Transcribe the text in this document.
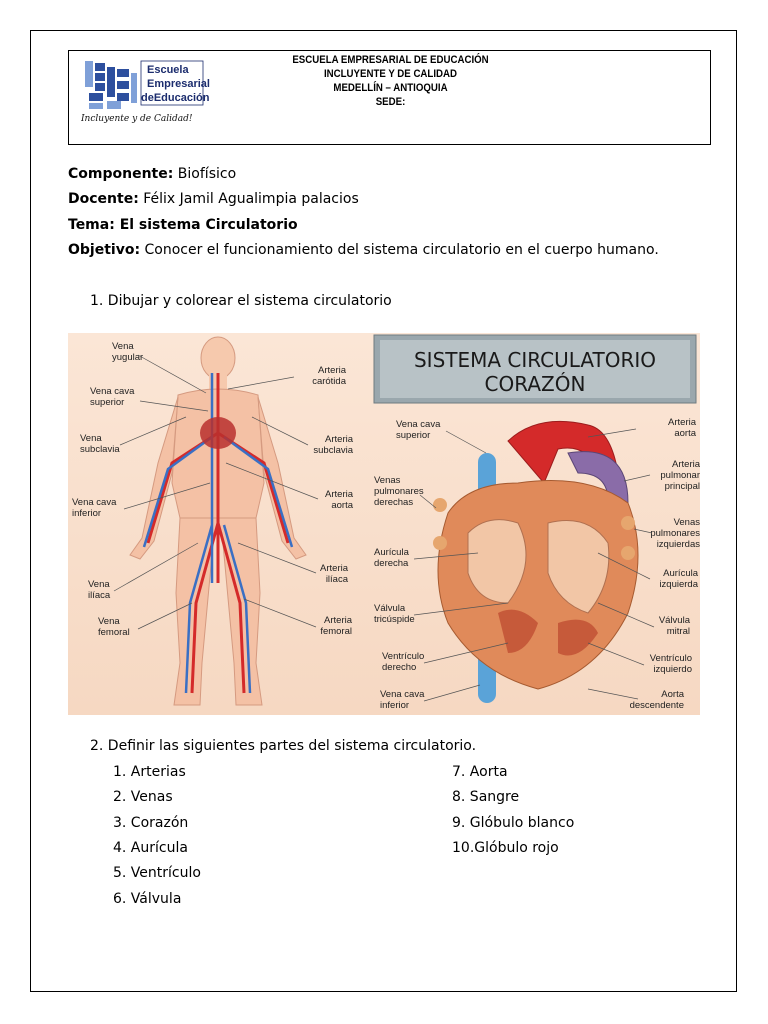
Escuela
Empresarial
deEducación
Incluyente y de Calidad!
ESCUELA EMPRESARIAL DE EDUCACIÓN
INCLUYENTE Y DE CALIDAD
MEDELLÍN – ANTIOQUIA
SEDE:
Componente: Biofísico
Docente: Félix Jamil Agualimpia palacios
Tema: El sistema Circulatorio
Objetivo: Conocer el funcionamiento del sistema circulatorio en el cuerpo humano.
1. Dibujar y colorear el sistema circulatorio
Vena yugular
Vena cava superior
Vena subclavia
Vena cava inferior
Vena ilíaca
Vena femoral
Arteria carótida
Arteria subclavia
Arteria aorta
Arteria ilíaca
Arteria femoral
SISTEMA CIRCULATORIO
CORAZÓN
Vena cava superior
Venas pulmonares derechas
Aurícula derecha
Válvula tricúspide
Ventrículo derecho
Vena cava inferior
Arteria aorta
Arteria pulmonar principal
Venas pulmonares izquierdas
Aurícula izquierda
Válvula mitral
Ventrículo izquierdo
Aorta descendente
2. Definir las siguientes partes del sistema circulatorio.
1. Arterias
2. Venas
3. Corazón
4. Aurícula
5. Ventrículo
6. Válvula
7. Aorta
8. Sangre
9. Glóbulo blanco
10.Glóbulo rojo
